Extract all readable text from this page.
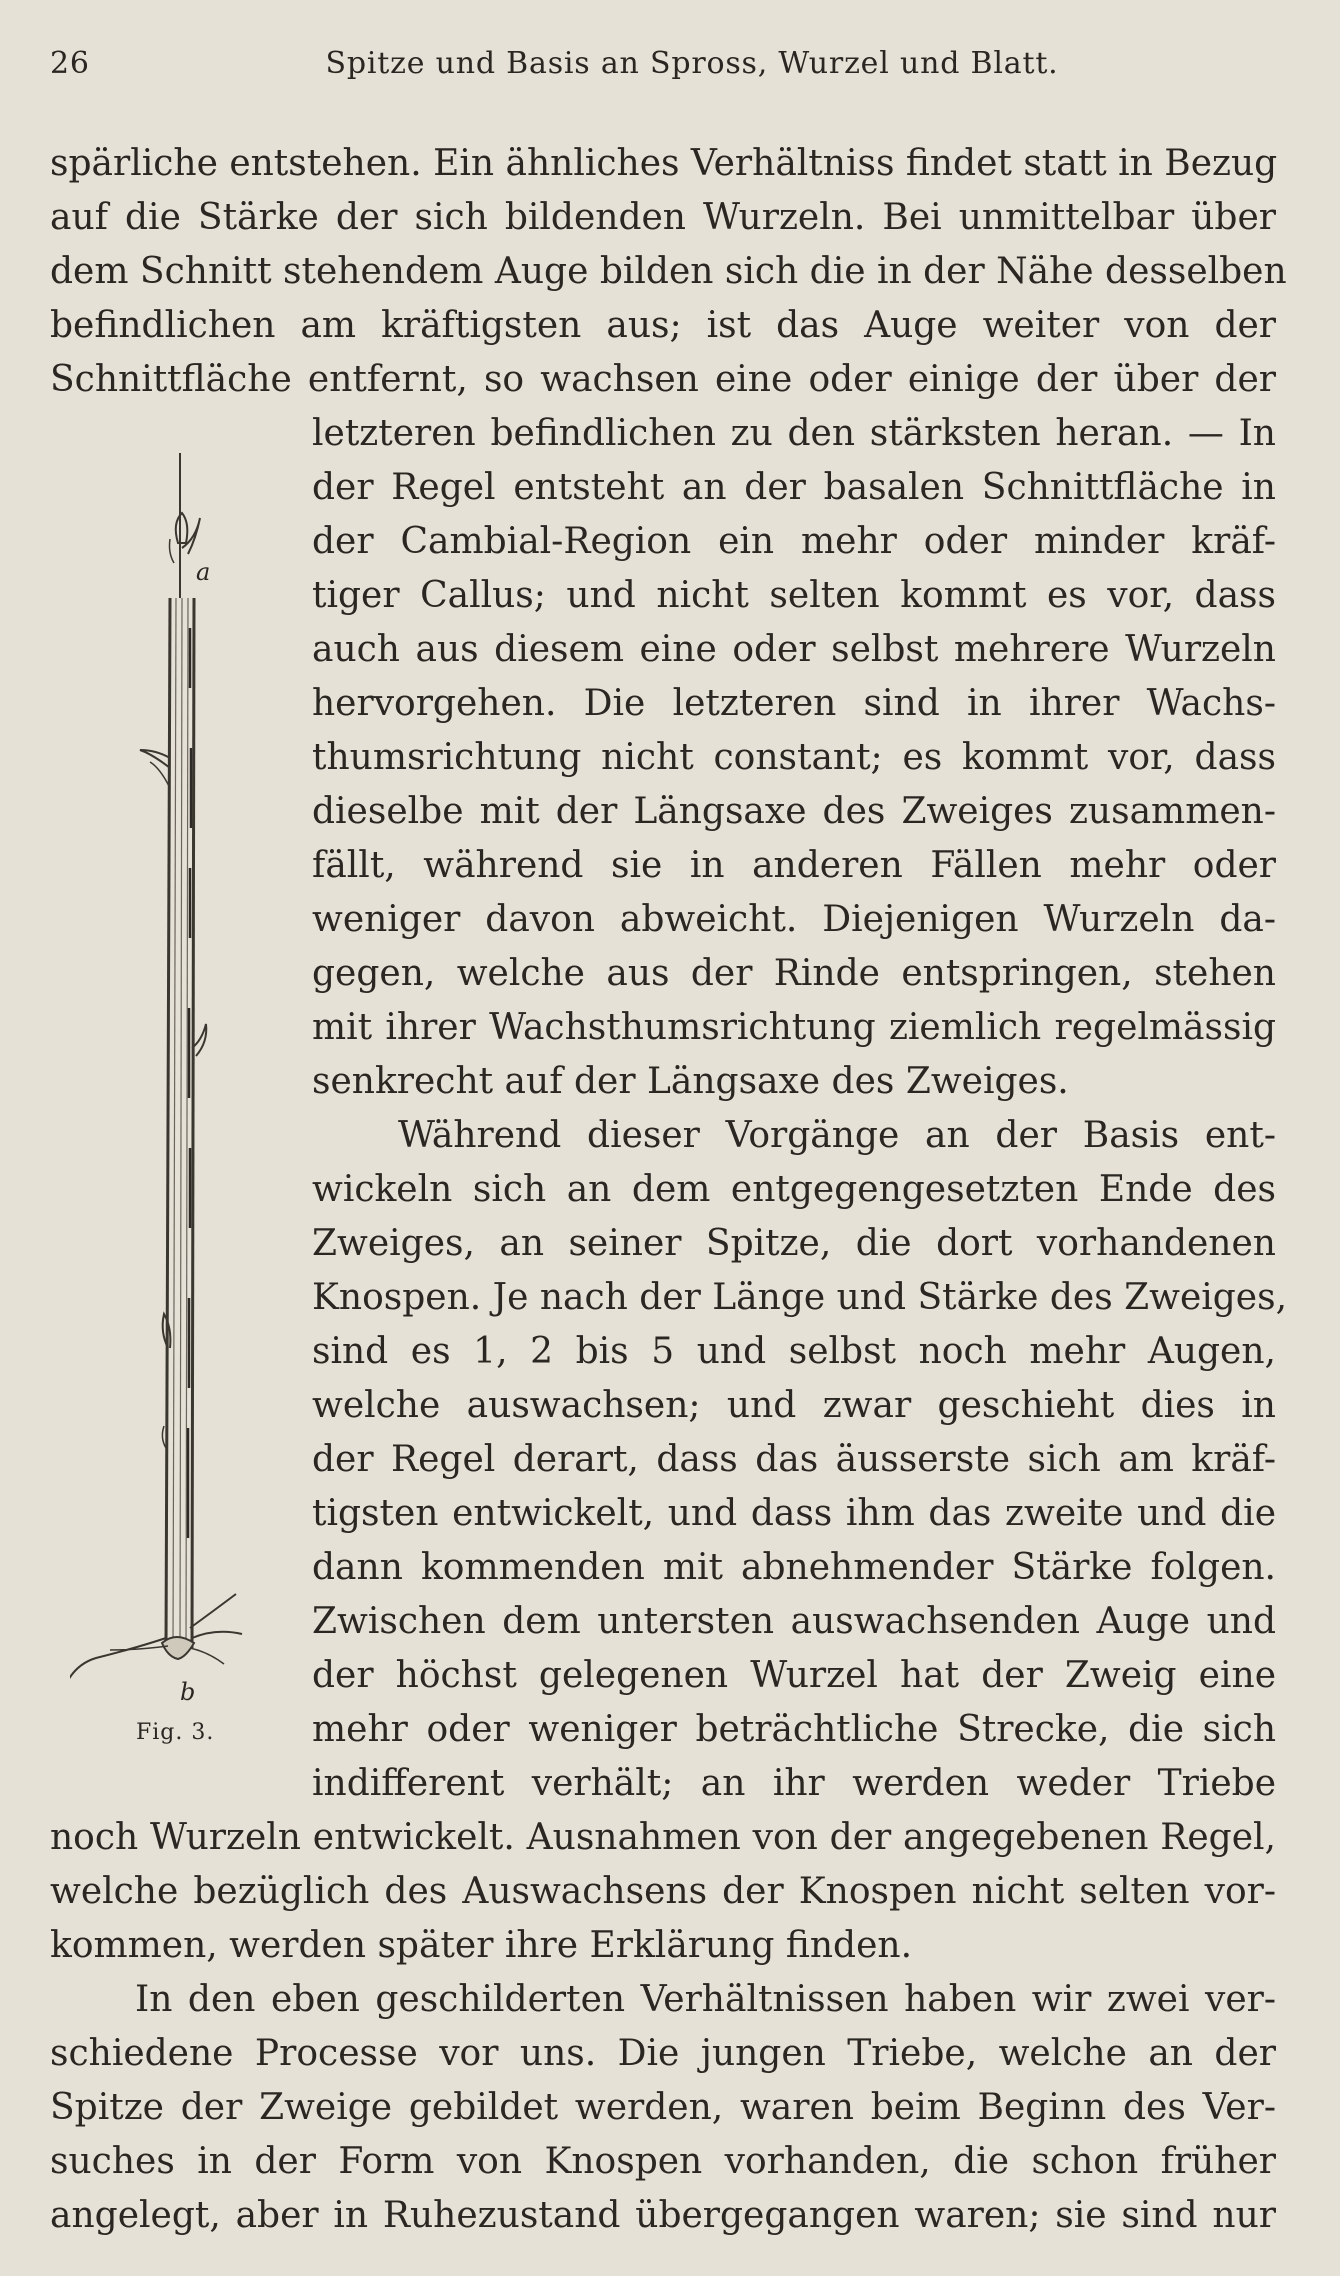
26	Spitze und Basis an Spross, Wurzel und Blatt.
spärliche entstehen. Ein ähnliches Verhältniss findet statt in Bezug
auf die Stärke der sich bildenden Wurzeln. Bei unmittelbar über
dem Schnitt stehendem Auge bilden sich die in der Nähe desselben
befindlichen am kräftigsten aus; ist das Auge weiter von der
Schnittfläche entfernt, so wachsen eine oder einige der über der
letzteren befindlichen zu den stärksten heran. — In
der Regel entsteht an der basalen Schnittfläche in
der Cambial-Region ein mehr oder minder kräf-
tiger Callus; und nicht selten kommt es vor, dass
auch aus diesem eine oder selbst mehrere Wurzeln
hervorgehen. Die letzteren sind in ihrer Wachs-
thumsrichtung nicht constant; es kommt vor, dass
dieselbe mit der Längsaxe des Zweiges zusammen-
fällt, während sie in anderen Fällen mehr oder
weniger davon abweicht. Diejenigen Wurzeln da-
gegen, welche aus der Rinde entspringen, stehen
mit ihrer Wachsthumsrichtung ziemlich regelmässig
senkrecht auf der Längsaxe des Zweiges.
Während dieser Vorgänge an der Basis ent-
wickeln sich an dem entgegengesetzten Ende des
Zweiges, an seiner Spitze, die dort vorhandenen
Knospen. Je nach der Länge und Stärke des Zweiges,
sind es 1, 2 bis 5 und selbst noch mehr Augen,
welche auswachsen; und zwar geschieht dies in
der Regel derart, dass das äusserste sich am kräf-
tigsten entwickelt, und dass ihm das zweite und die
dann kommenden mit abnehmender Stärke folgen.
Zwischen dem untersten auswachsenden Auge und
der höchst gelegenen Wurzel hat der Zweig eine
mehr oder weniger beträchtliche Strecke, die sich
indifferent verhält; an ihr werden weder Triebe
noch Wurzeln entwickelt. Ausnahmen von der angegebenen Regel,
welche bezüglich des Auswachsens der Knospen nicht selten vor-
kommen, werden später ihre Erklärung finden.
In den eben geschilderten Verhältnissen haben wir zwei ver-
schiedene Processe vor uns. Die jungen Triebe, welche an der
Spitze der Zweige gebildet werden, waren beim Beginn des Ver-
suches in der Form von Knospen vorhanden, die schon früher
angelegt, aber in Ruhezustand übergegangen waren; sie sind nur
a
b
Fig. 3.
